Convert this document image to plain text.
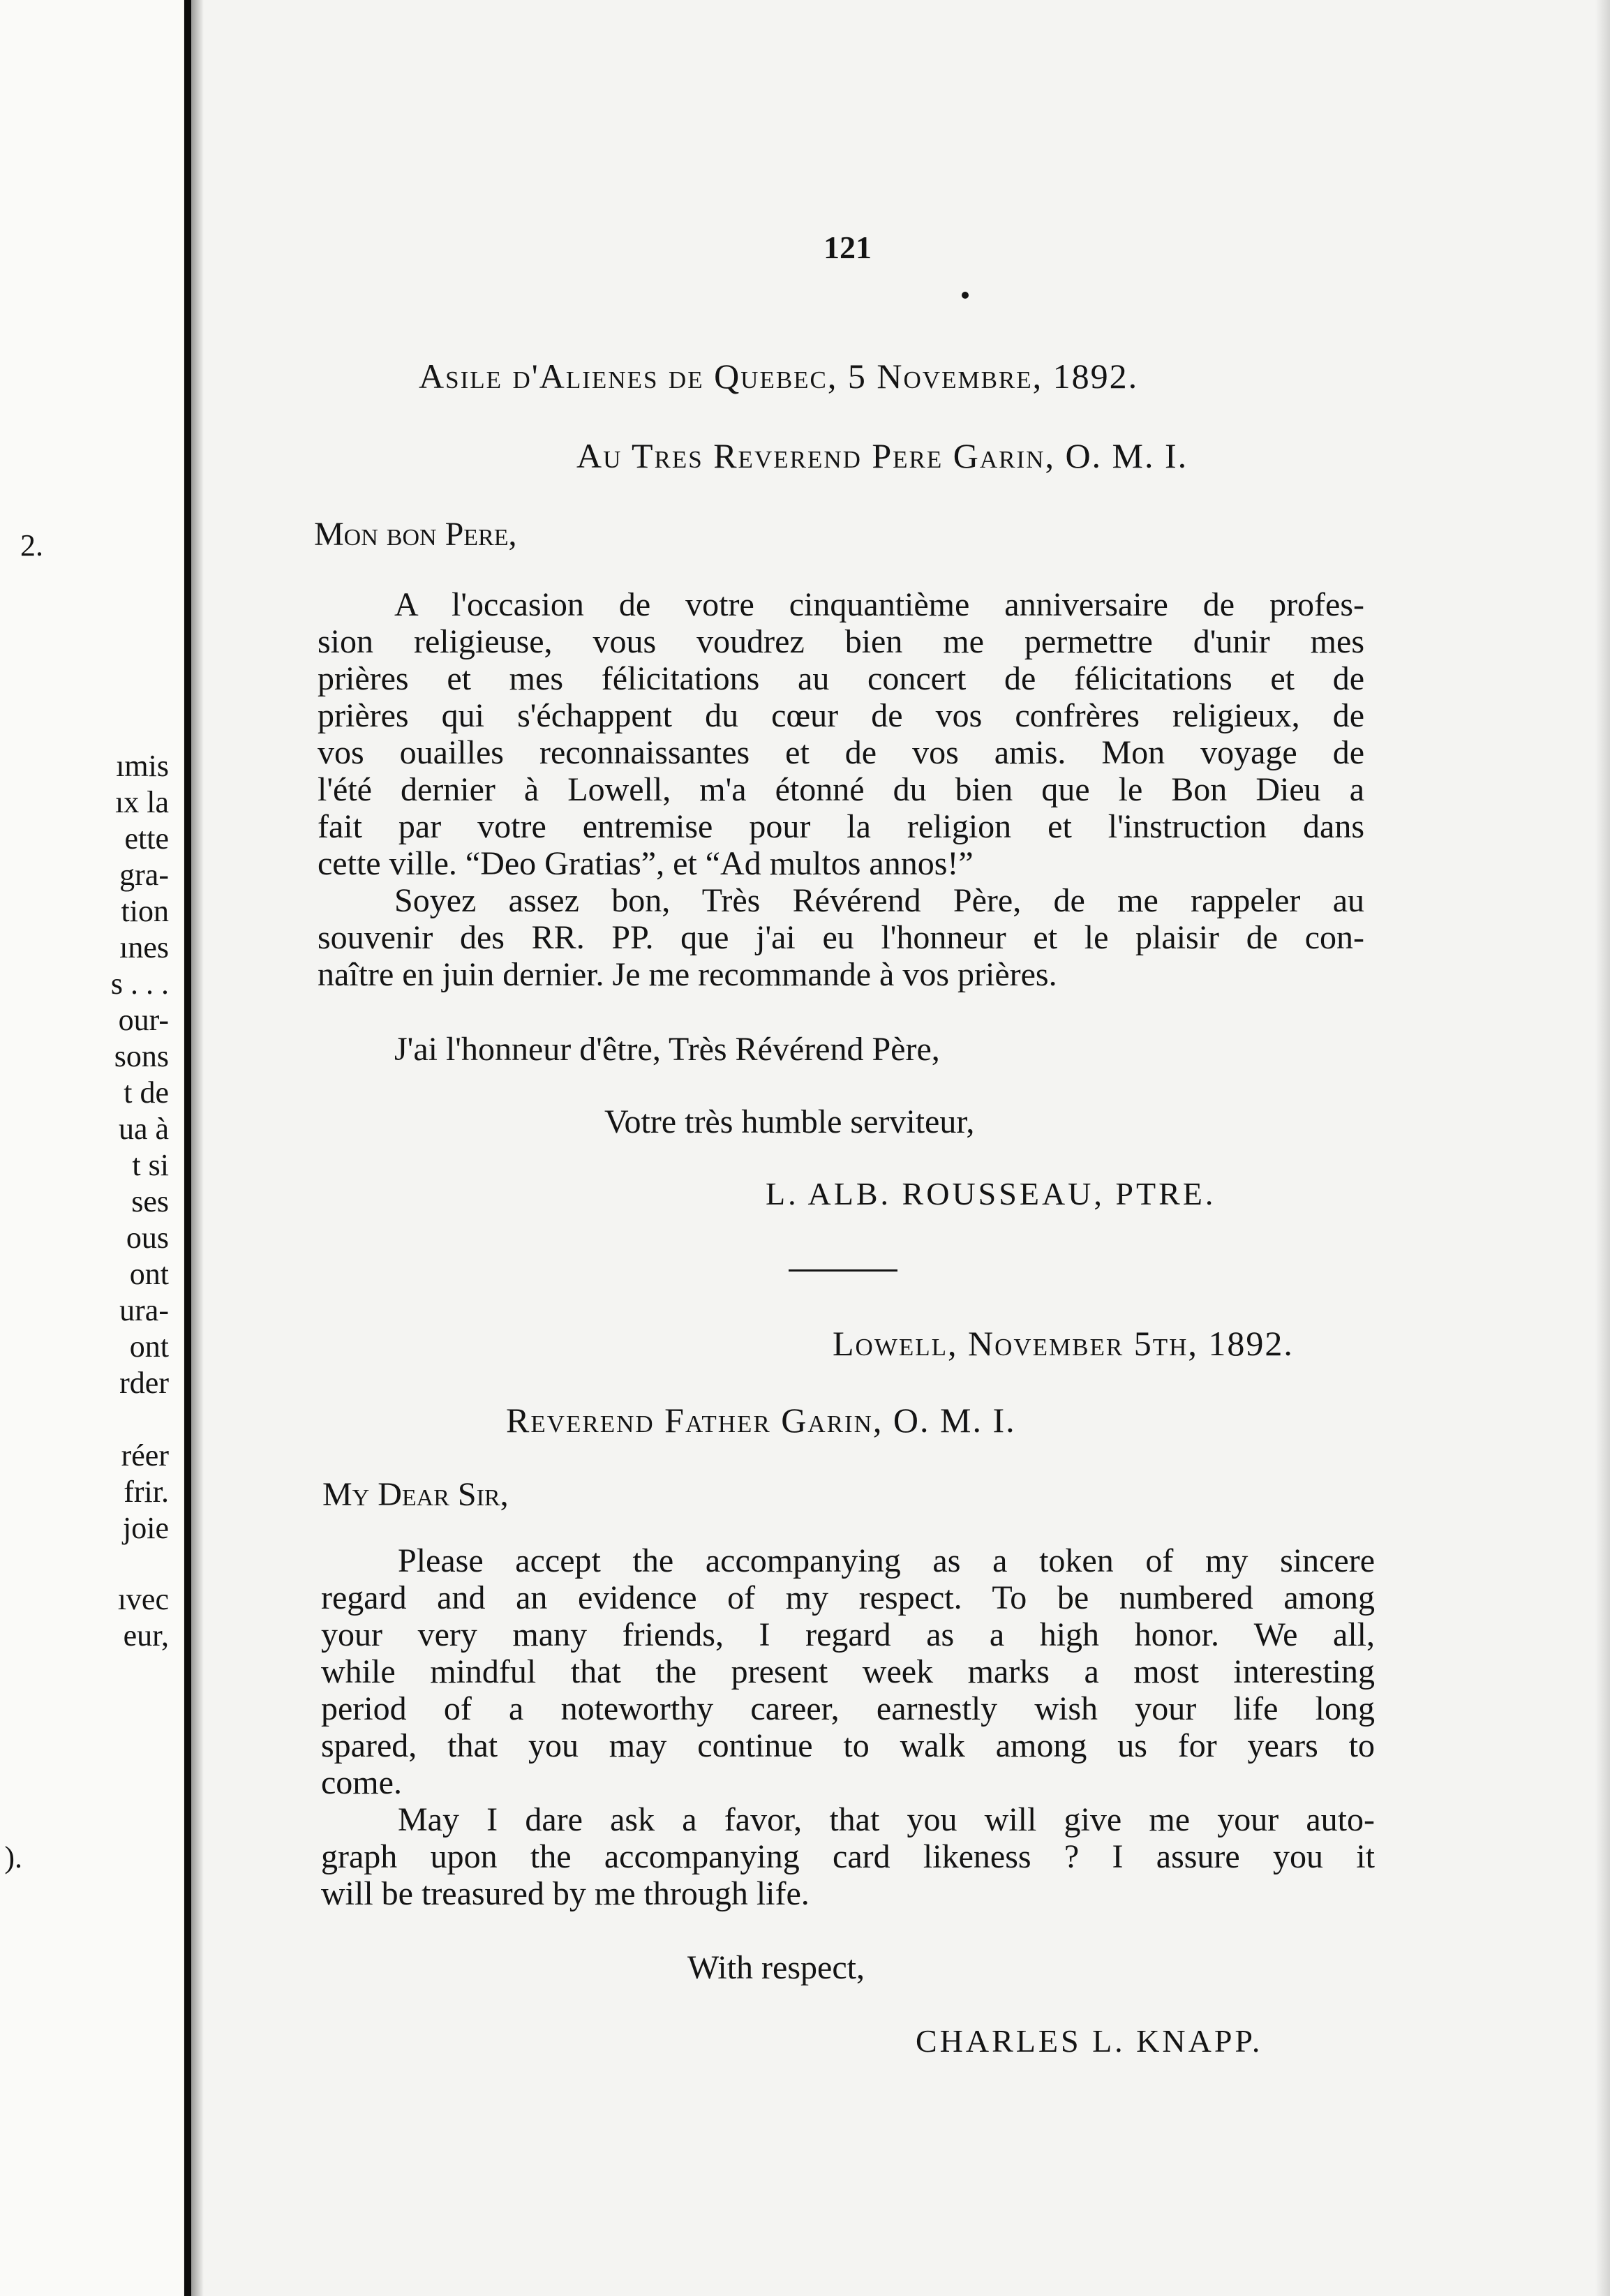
2.
ımis
ıx la
ette
gra-
tion
ınes
s . . .
our-
sons
t de
ua à
t si
ses
ous
ont
ura-
ont
rder
réer
frir.
joie
ıvec
eur,
).
121
Asile d'Alienes de Quebec, 5 Novembre, 1892.
Au Tres Reverend Pere Garin, O. M. I.
Mon bon Pere,
A l'occasion de votre cinquantième anniversaire de profes-
sion religieuse, vous voudrez bien me permettre d'unir mes
prières et mes félicitations au concert de félicitations et de
prières qui s'échappent du cœur de vos confrères religieux, de
vos ouailles reconnaissantes et de vos amis. Mon voyage de
l'été dernier à Lowell, m'a étonné du bien que le Bon Dieu a
fait par votre entremise pour la religion et l'instruction dans
cette ville. “Deo Gratias”, et “Ad multos annos!”
Soyez assez bon, Très Révérend Père, de me rappeler au
souvenir des RR. PP. que j'ai eu l'honneur et le plaisir de con-
naître en juin dernier. Je me recommande à vos prières.
J'ai l'honneur d'être, Très Révérend Père,
Votre très humble serviteur,
L. ALB. ROUSSEAU, PTRE.
Lowell, November 5th, 1892.
Reverend Father Garin, O. M. I.
My Dear Sir,
Please accept the accompanying as a token of my sincere
regard and an evidence of my respect. To be numbered among
your very many friends, I regard as a high honor. We all,
while mindful that the present week marks a most interesting
period of a noteworthy career, earnestly wish your life long
spared, that you may continue to walk among us for years to
come.
May I dare ask a favor, that you will give me your auto-
graph upon the accompanying card likeness ? I assure you it
will be treasured by me through life.
With respect,
CHARLES L. KNAPP.
